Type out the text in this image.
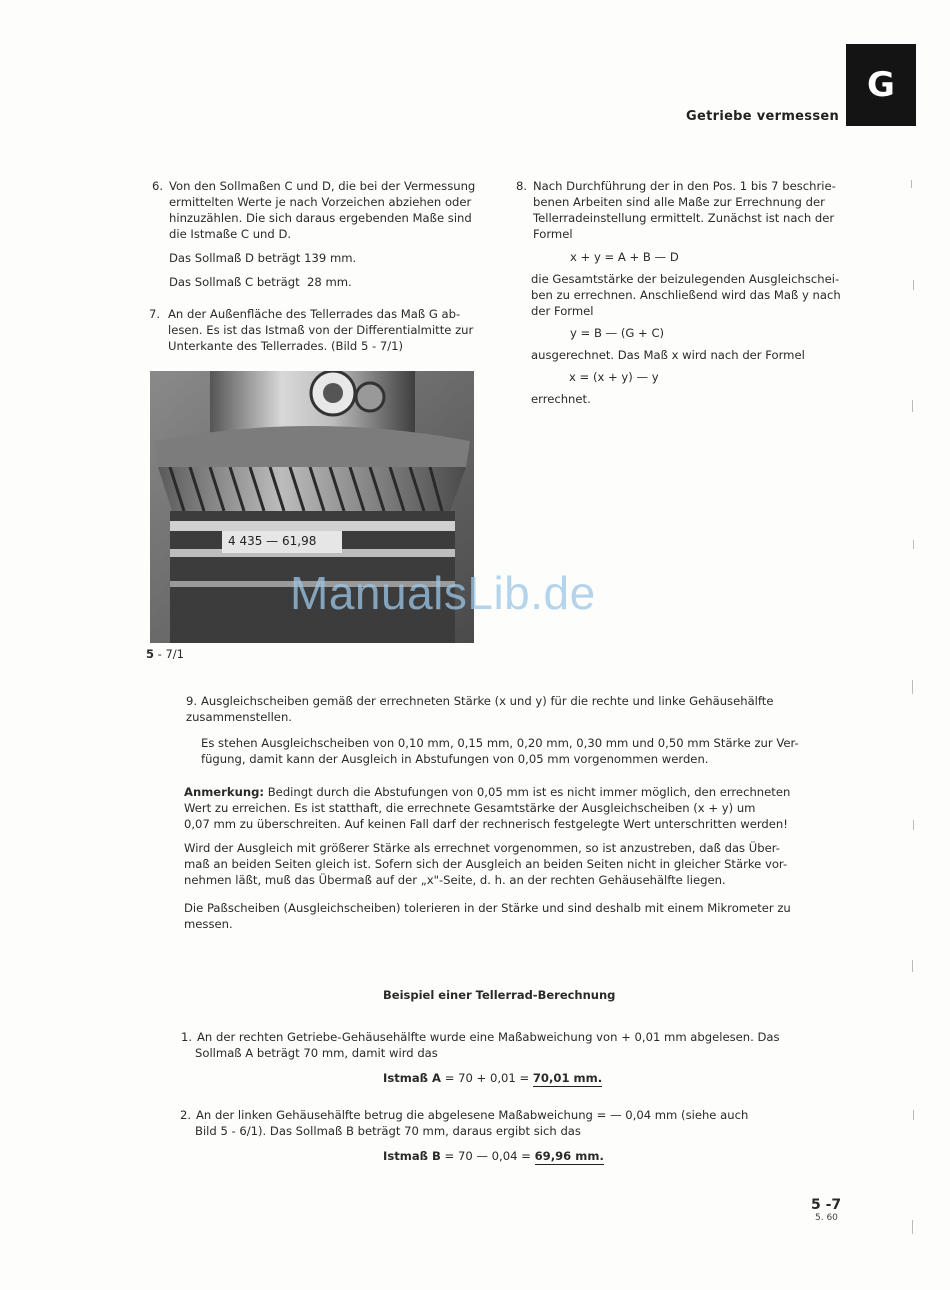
G
Getriebe vermessen
6. Von den Sollmaßen C und D, die bei der Vermessung
ermittelten Werte je nach Vorzeichen abziehen oder
hinzuzählen. Die sich daraus ergebenden Maße sind
die Istmaße C und D.
Das Sollmaß D beträgt 139 mm.
Das Sollmaß C beträgt  28 mm.
7. An der Außenfläche des Tellerrades das Maß G ab-
lesen. Es ist das Istmaß von der Differentialmitte zur
Unterkante des Tellerrades. (Bild 5 - 7/1)
4 435 — 61,98
5 - 7/1
8. Nach Durchführung der in den Pos. 1 bis 7 beschrie-
benen Arbeiten sind alle Maße zur Errechnung der
Tellerradeinstellung ermittelt. Zunächst ist nach der
Formel
x + y = A + B — D
die Gesamtstärke der beizulegenden Ausgleichschei-
ben zu errechnen. Anschließend wird das Maß y nach
der Formel
y = B — (G + C)
ausgerechnet. Das Maß x wird nach der Formel
x = (x + y) — y
errechnet.
ManualsLib.de
9. Ausgleichscheiben gemäß der errechneten Stärke (x und y) für die rechte und linke Gehäusehälfte
zusammenstellen.
Es stehen Ausgleichscheiben von 0,10 mm, 0,15 mm, 0,20 mm, 0,30 mm und 0,50 mm Stärke zur Ver-
fügung, damit kann der Ausgleich in Abstufungen von 0,05 mm vorgenommen werden.
Anmerkung: Bedingt durch die Abstufungen von 0,05 mm ist es nicht immer möglich, den errechneten
Wert zu erreichen. Es ist statthaft, die errechnete Gesamtstärke der Ausgleichscheiben (x + y) um
0,07 mm zu überschreiten. Auf keinen Fall darf der rechnerisch festgelegte Wert unterschritten werden!
Wird der Ausgleich mit größerer Stärke als errechnet vorgenommen, so ist anzustreben, daß das Über-
maß an beiden Seiten gleich ist. Sofern sich der Ausgleich an beiden Seiten nicht in gleicher Stärke vor-
nehmen läßt, muß das Übermaß auf der „x"-Seite, d. h. an der rechten Gehäusehälfte liegen.
Die Paßscheiben (Ausgleichscheiben) tolerieren in der Stärke und sind deshalb mit einem Mikrometer zu
messen.
Beispiel einer Tellerrad-Berechnung
1. An der rechten Getriebe-Gehäusehälfte wurde eine Maßabweichung von + 0,01 mm abgelesen. Das
Sollmaß A beträgt 70 mm, damit wird das
Istmaß A = 70 + 0,01 = 70,01 mm.
2. An der linken Gehäusehälfte betrug die abgelesene Maßabweichung = — 0,04 mm (siehe auch
Bild 5 - 6/1). Das Sollmaß B beträgt 70 mm, daraus ergibt sich das
Istmaß B = 70 — 0,04 = 69,96 mm.
5 -7
5. 60
